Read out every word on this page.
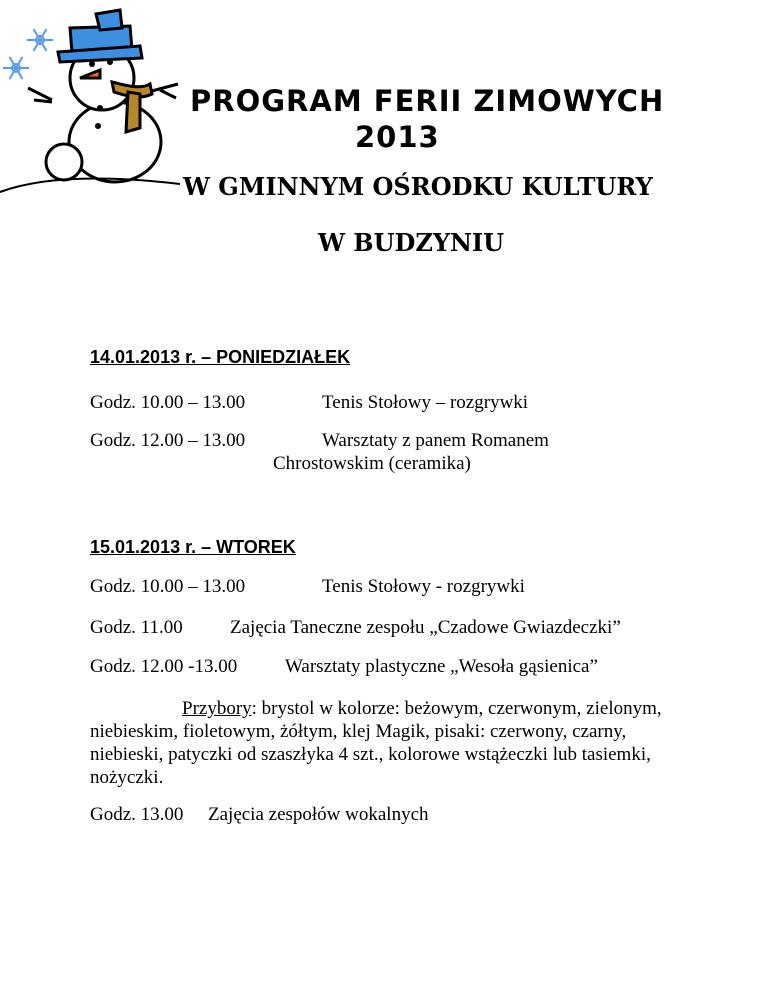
PROGRAM FERII ZIMOWYCH
2013
W GMINNYM OŚRODKU KULTURY
W BUDZYNIU
14.01.2013 r. – PONIEDZIAŁEK
Godz. 10.00 – 13.00	Tenis Stołowy – rozgrywki
Godz. 12.00 – 13.00	Warsztaty z panem Romanem
Chrostowskim (ceramika)
15.01.2013 r. – WTOREK
Godz. 10.00 – 13.00	Tenis Stołowy - rozgrywki
Godz. 11.00 Zajęcia Taneczne zespołu „Czadowe Gwiazdeczki”
Godz. 12.00 -13.00	Warsztaty plastyczne „Wesoła gąsienica”
Przybory: brystol w kolorze: beżowym, czerwonym, zielonym, niebieskim, fioletowym, żółtym, klej Magik, pisaki: czerwony, czarny, niebieski, patyczki od szaszłyka 4 szt., kolorowe wstążeczki lub tasiemki, nożyczki.
Godz. 13.00 Zajęcia zespołów wokalnych
